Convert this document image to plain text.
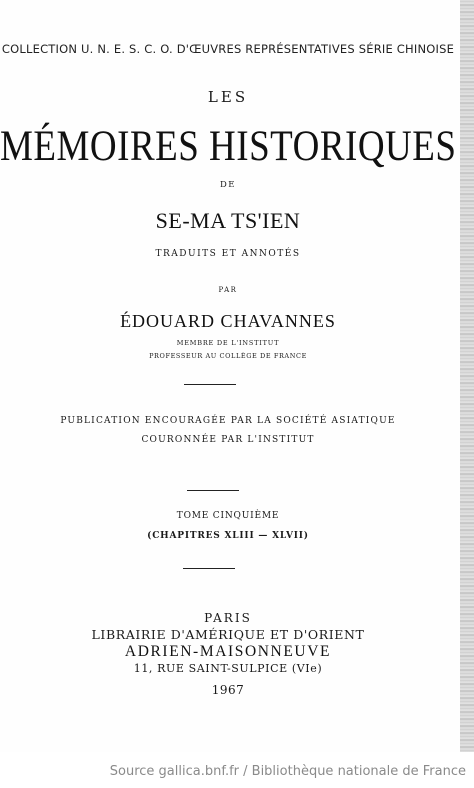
COLLECTION U. N. E. S. C. O. D'ŒUVRES REPRÉSENTATIVES SÉRIE CHINOISE
LES
MÉMOIRES HISTORIQUES
DE
SE-MA TS'IEN
TRADUITS ET ANNOTÉS
PAR
ÉDOUARD CHAVANNES
MEMBRE DE L'INSTITUT
PROFESSEUR AU COLLÈGE DE FRANCE
PUBLICATION ENCOURAGÉE PAR LA SOCIÉTÉ ASIATIQUE
COURONNÉE PAR L'INSTITUT
TOME CINQUIÈME
(CHAPITRES XLIII — XLVII)
PARIS
LIBRAIRIE D'AMÉRIQUE ET D'ORIENT
ADRIEN-MAISONNEUVE
11, RUE SAINT-SULPICE (VIe)
1967
Source gallica.bnf.fr / Bibliothèque nationale de France
